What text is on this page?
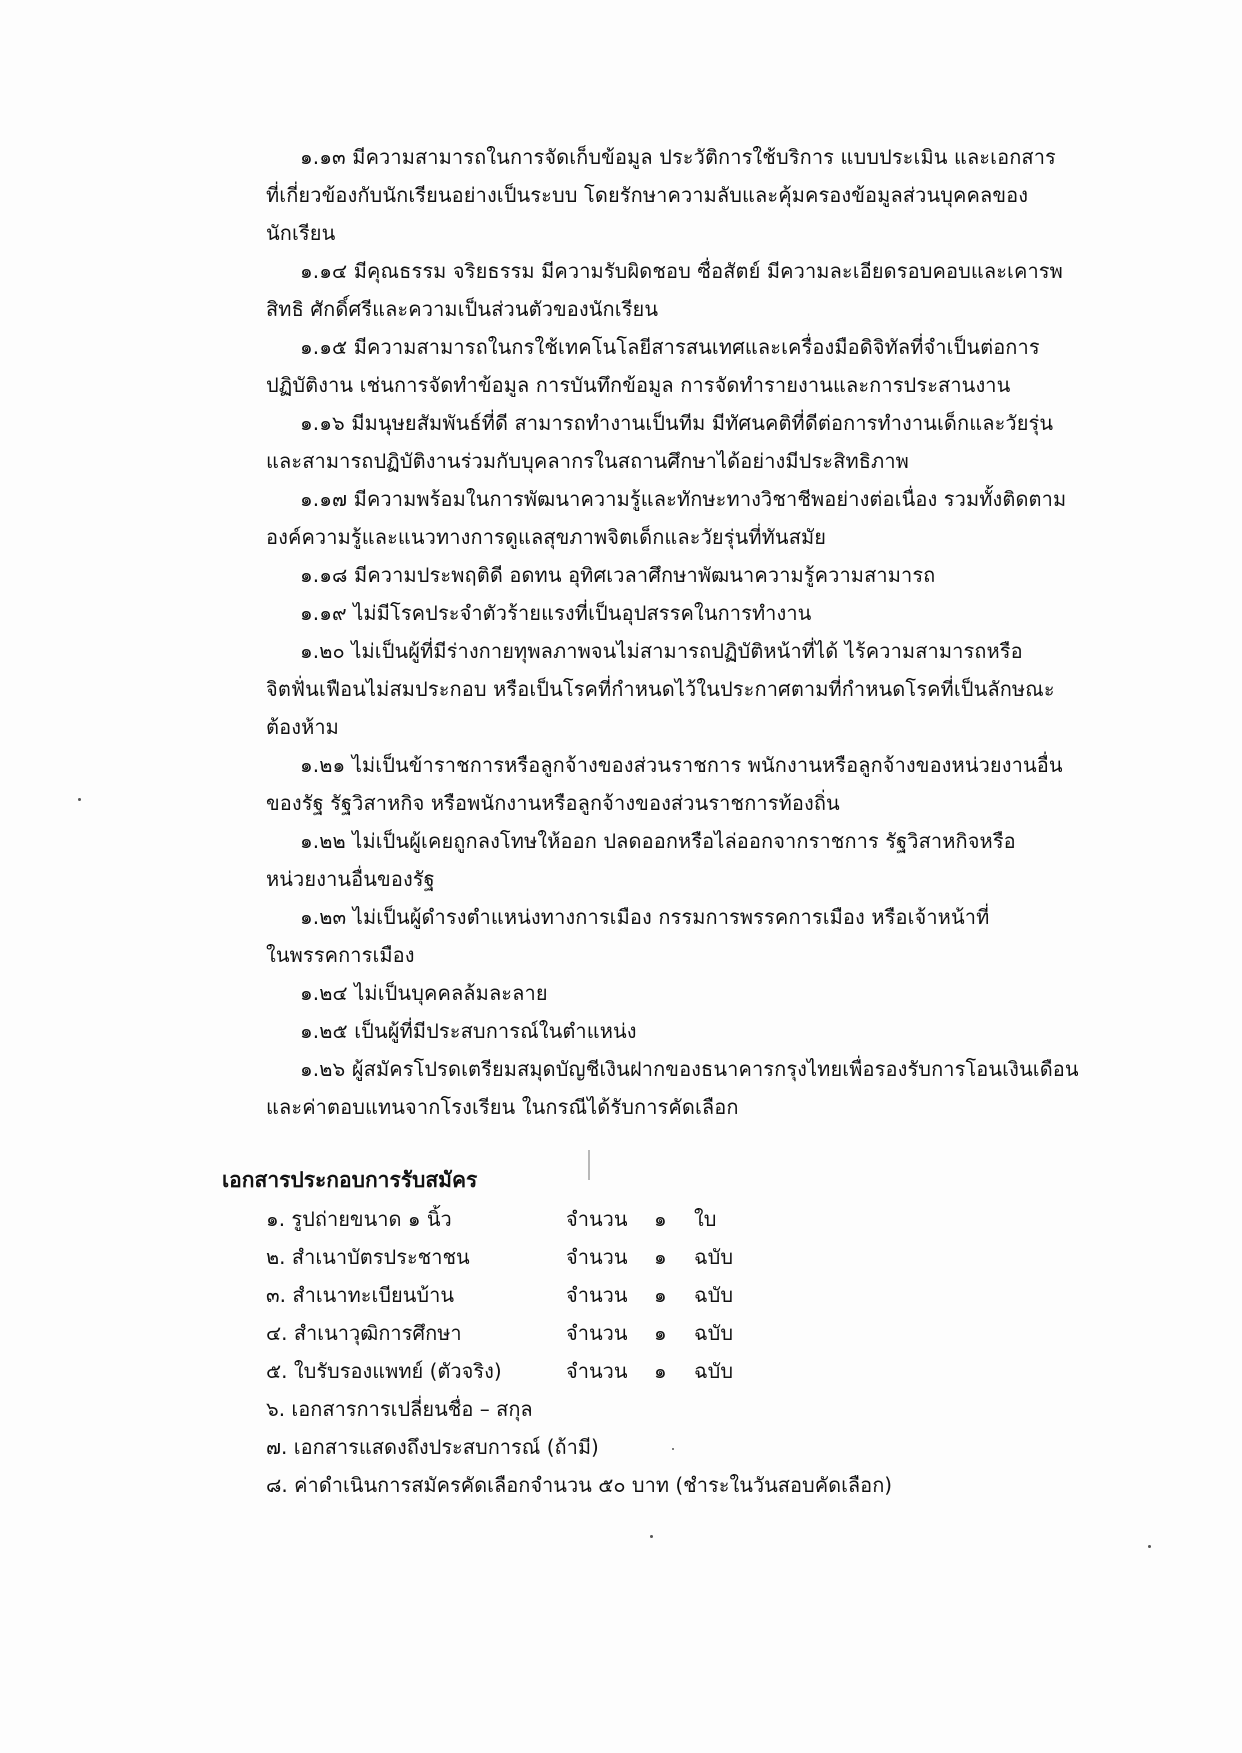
๑.๑๓ มีความสามารถในการจัดเก็บข้อมูล ประวัติการใช้บริการ แบบประเมิน และเอกสาร
ที่เกี่ยวข้องกับนักเรียนอย่างเป็นระบบ โดยรักษาความลับและคุ้มครองข้อมูลส่วนบุคคลของ
นักเรียน
๑.๑๔ มีคุณธรรม จริยธรรม มีความรับผิดชอบ ซื่อสัตย์ มีความละเอียดรอบคอบและเคารพ
สิทธิ ศักดิ์ศรีและความเป็นส่วนตัวของนักเรียน
๑.๑๕ มีความสามารถในกรใช้เทคโนโลยีสารสนเทศและเครื่องมือดิจิทัลที่จำเป็นต่อการ
ปฏิบัติงาน เช่นการจัดทำข้อมูล การบันทึกข้อมูล การจัดทำรายงานและการประสานงาน
๑.๑๖ มีมนุษยสัมพันธ์ที่ดี สามารถทำงานเป็นทีม มีทัศนคติที่ดีต่อการทำงานเด็กและวัยรุ่น
และสามารถปฏิบัติงานร่วมกับบุคลากรในสถานศึกษาได้อย่างมีประสิทธิภาพ
๑.๑๗ มีความพร้อมในการพัฒนาความรู้และทักษะทางวิชาชีพอย่างต่อเนื่อง รวมทั้งติดตาม
องค์ความรู้และแนวทางการดูแลสุขภาพจิตเด็กและวัยรุ่นที่ทันสมัย
๑.๑๘ มีความประพฤติดี อดทน อุทิศเวลาศึกษาพัฒนาความรู้ความสามารถ
๑.๑๙ ไม่มีโรคประจำตัวร้ายแรงที่เป็นอุปสรรคในการทำงาน
๑.๒๐ ไม่เป็นผู้ที่มีร่างกายทุพลภาพจนไม่สามารถปฏิบัติหน้าที่ได้ ไร้ความสามารถหรือ
จิตฟั่นเฟือนไม่สมประกอบ หรือเป็นโรคที่กำหนดไว้ในประกาศตามที่กำหนดโรคที่เป็นลักษณะ
ต้องห้าม
๑.๒๑ ไม่เป็นข้าราชการหรือลูกจ้างของส่วนราชการ พนักงานหรือลูกจ้างของหน่วยงานอื่น
ของรัฐ รัฐวิสาหกิจ หรือพนักงานหรือลูกจ้างของส่วนราชการท้องถิ่น
๑.๒๒ ไม่เป็นผู้เคยถูกลงโทษให้ออก ปลดออกหรือไล่ออกจากราชการ รัฐวิสาหกิจหรือ
หน่วยงานอื่นของรัฐ
๑.๒๓ ไม่เป็นผู้ดำรงตำแหน่งทางการเมือง กรรมการพรรคการเมือง หรือเจ้าหน้าที่
ในพรรคการเมือง
๑.๒๔ ไม่เป็นบุคคลล้มละลาย
๑.๒๕ เป็นผู้ที่มีประสบการณ์ในตำแหน่ง
๑.๒๖ ผู้สมัครโปรดเตรียมสมุดบัญชีเงินฝากของธนาคารกรุงไทยเพื่อรองรับการโอนเงินเดือน
และค่าตอบแทนจากโรงเรียน ในกรณีได้รับการคัดเลือก
เอกสารประกอบการรับสมัคร
๑. รูปถ่ายขนาด ๑ นิ้ว	จำนวน ๑ ใบ
๒. สำเนาบัตรประชาชน	จำนวน ๑ ฉบับ
๓. สำเนาทะเบียนบ้าน	จำนวน ๑ ฉบับ
๔. สำเนาวุฒิการศึกษา	จำนวน ๑ ฉบับ
๕. ใบรับรองแพทย์ (ตัวจริง)	จำนวน ๑ ฉบับ
๖. เอกสารการเปลี่ยนชื่อ – สกุล
๗. เอกสารแสดงถึงประสบการณ์ (ถ้ามี)
๘. ค่าดำเนินการสมัครคัดเลือกจำนวน ๕๐ บาท (ชำระในวันสอบคัดเลือก)
